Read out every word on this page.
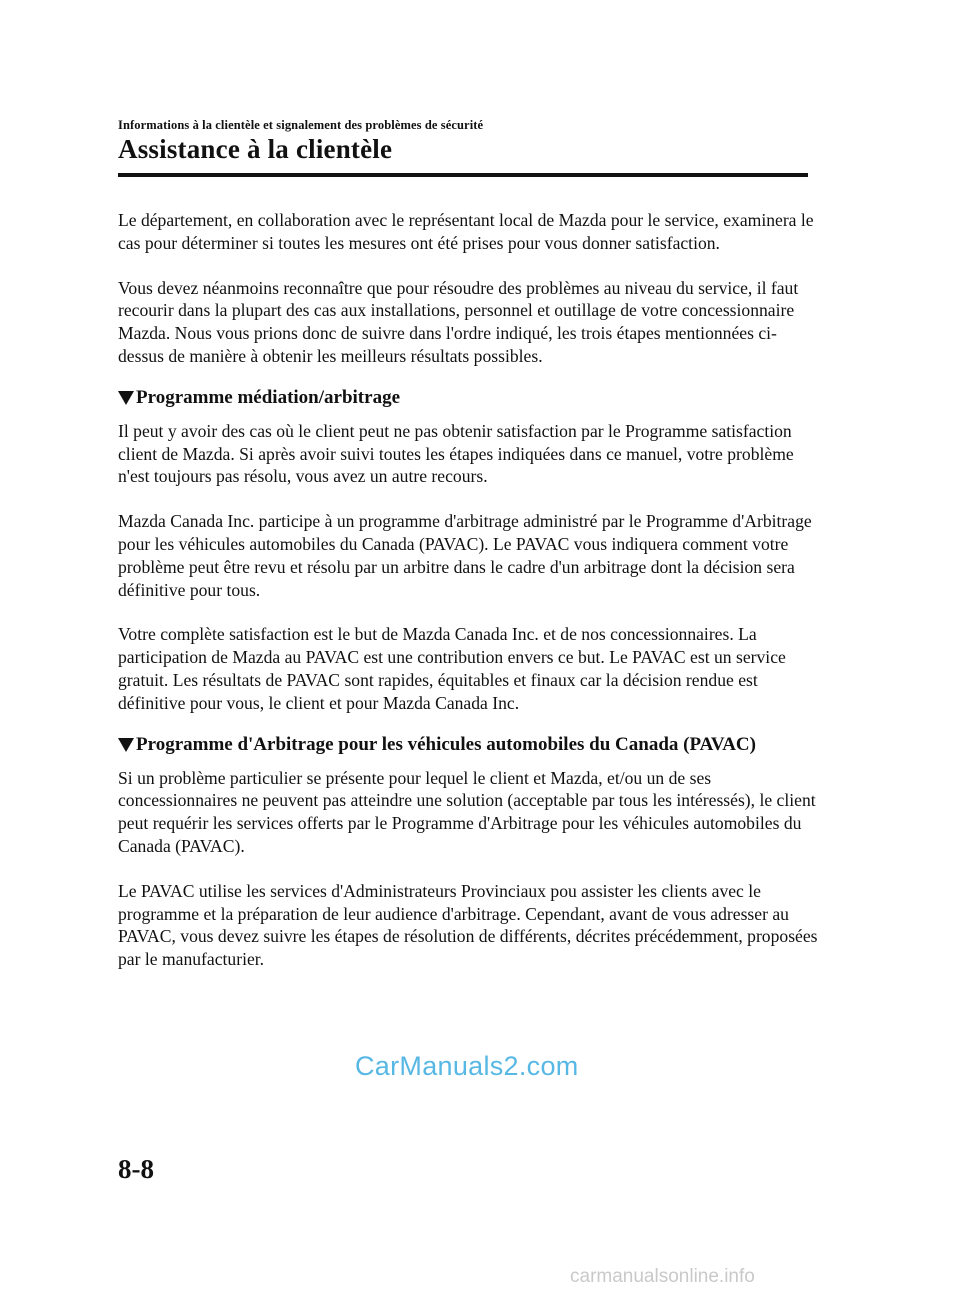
Informations à la clientèle et signalement des problèmes de sécurité
Assistance à la clientèle

Le département, en collaboration avec le représentant local de Mazda pour le service, examinera le cas pour déterminer si toutes les mesures ont été prises pour vous donner satisfaction.

Vous devez néanmoins reconnaître que pour résoudre des problèmes au niveau du service, il faut recourir dans la plupart des cas aux installations, personnel et outillage de votre concessionnaire Mazda. Nous vous prions donc de suivre dans l'ordre indiqué, les trois étapes mentionnées ci-dessus de manière à obtenir les meilleurs résultats possibles.

Programme médiation/arbitrage

Il peut y avoir des cas où le client peut ne pas obtenir satisfaction par le Programme satisfaction client de Mazda. Si après avoir suivi toutes les étapes indiquées dans ce manuel, votre problème n'est toujours pas résolu, vous avez un autre recours.

Mazda Canada Inc. participe à un programme d'arbitrage administré par le Programme d'Arbitrage pour les véhicules automobiles du Canada (PAVAC). Le PAVAC vous indiquera comment votre problème peut être revu et résolu par un arbitre dans le cadre d'un arbitrage dont la décision sera définitive pour tous.

Votre complète satisfaction est le but de Mazda Canada Inc. et de nos concessionnaires. La participation de Mazda au PAVAC est une contribution envers ce but. Le PAVAC est un service gratuit. Les résultats de PAVAC sont rapides, équitables et finaux car la décision rendue est définitive pour vous, le client et pour Mazda Canada Inc.

Programme d'Arbitrage pour les véhicules automobiles du Canada (PAVAC)

Si un problème particulier se présente pour lequel le client et Mazda, et/ou un de ses concessionnaires ne peuvent pas atteindre une solution (acceptable par tous les intéressés), le client peut requérir les services offerts par le Programme d'Arbitrage pour les véhicules automobiles du Canada (PAVAC).

Le PAVAC utilise les services d'Administrateurs Provinciaux pou assister les clients avec le programme et la préparation de leur audience d'arbitrage. Cependant, avant de vous adresser au PAVAC, vous devez suivre les étapes de résolution de différents, décrites précédemment, proposées par le manufacturier.

CarManuals2.com
8-8
carmanualsonline.info
